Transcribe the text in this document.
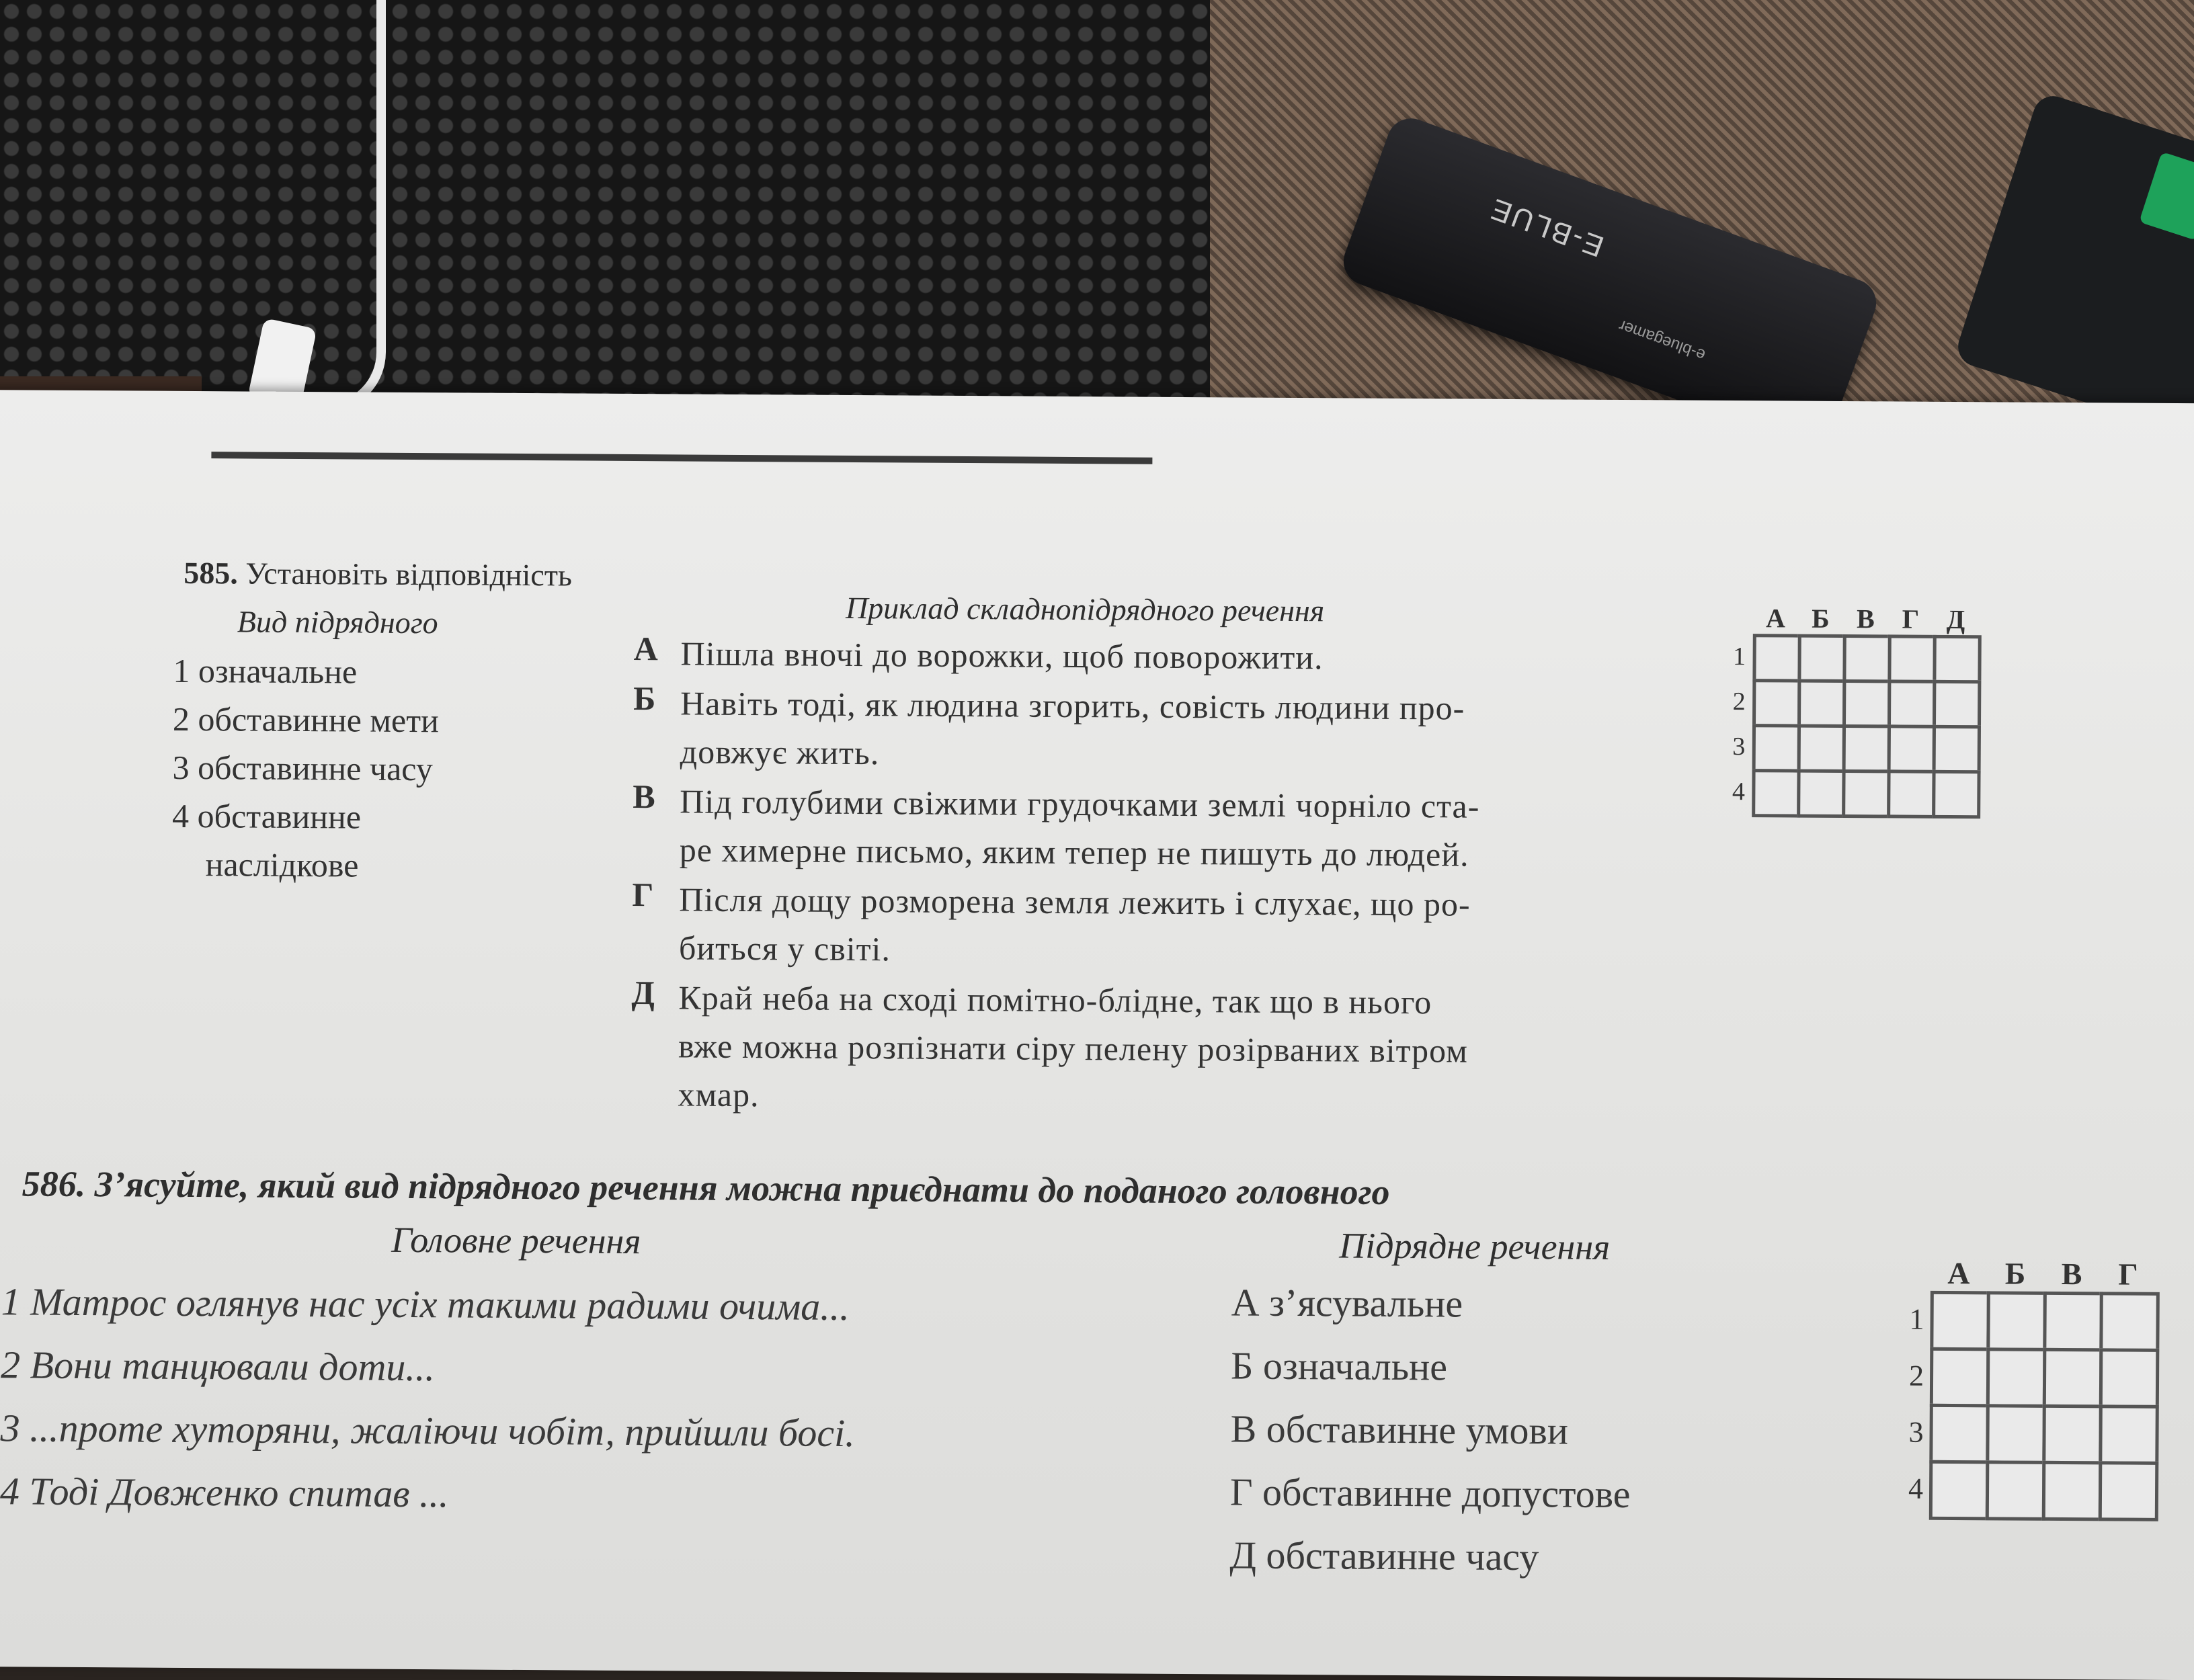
E-BLUE
e-bluegamer
585. Установіть відповідність
Вид підрядного	Приклад складнопідрядного речення
1 означальне
2 обставинне мети
3 обставинне часу
4 обставинне
наслідкове
А Пішла вночі до ворожки, щоб поворожити.
Б Навіть тоді, як людина згорить, совість людини про-
довжує жить.
В Під голубими свіжими грудочками землі чорніло ста-
ре химерне письмо, яким тепер не пишуть до людей.
Г Після дощу розморена земля лежить і слухає, що ро-
биться у світі.
Д Край неба на сході помітно-блідне, так що в нього
вже можна розпізнати сіру пелену розірваних вітром
хмар.
А Б	В	Г	Д
1
2
3
4
586. З’ясуйте, який вид підрядного речення можна приєднати до поданого головного
Головне речення	Підрядне речення
1 Матрос оглянув нас усіх такими радими очима...
2 Вони танцювали доти...
3 ...проте хуторяни, жаліючи чобіт, прийшли босі.
4 Тоді Довженко спитав ...
А з’ясувальне
Б означальне
В обставинне умови
Г обставинне допустове
Д обставинне часу
А	Б	В	Г
1
2
3
4
